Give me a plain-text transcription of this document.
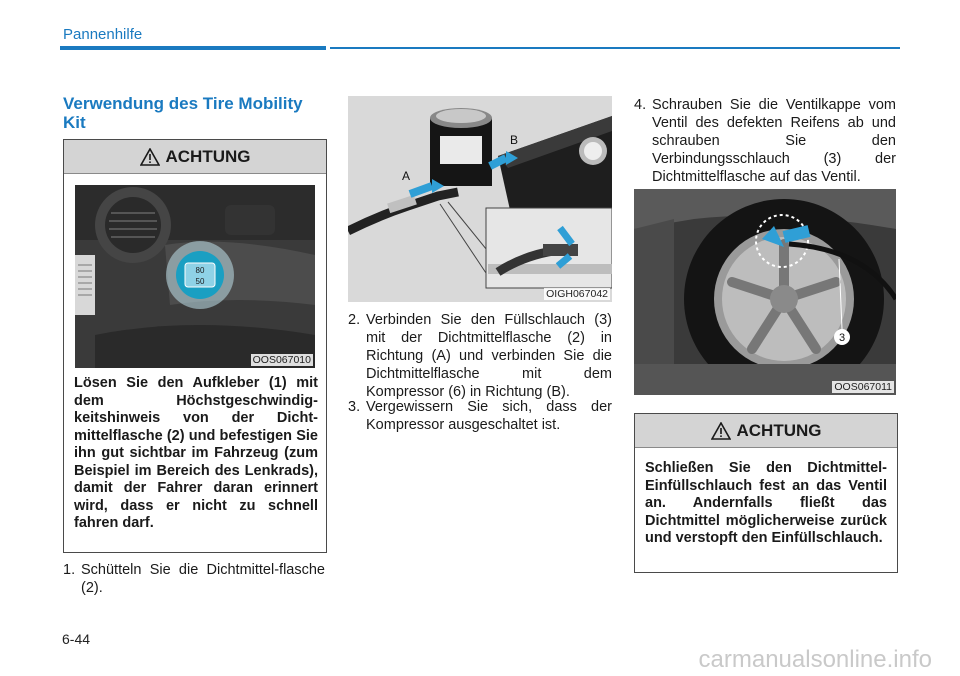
Pannenhilfe
Verwendung des Tire Mobility Kit
ACHTUNG
80
50
OOS067010
Lösen Sie den Aufkleber (1) mit dem Höchstgeschwindig-keitshinweis von der Dicht-mittelflasche (2) und befestigen Sie ihn gut sichtbar im Fahrzeug (zum Beispiel im Bereich des Lenkrads), damit der Fahrer daran erinnert wird, dass er nicht zu schnell fahren darf.
1. Schütteln Sie die Dichtmittel-flasche (2).
A
B
OIGH067042
2. Verbinden Sie den Füllschlauch (3) mit der Dichtmittelflasche (2) in Richtung (A) und verbinden Sie die Dichtmittelflasche mit dem Kompressor (6) in Richtung (B).
3. Vergewissern Sie sich, dass der Kompressor ausgeschaltet ist.
4. Schrauben Sie die Ventilkappe vom Ventil des defekten Reifens ab und schrauben Sie den Verbindungsschlauch (3) der Dichtmittelflasche auf das Ventil.
3
OOS067011
ACHTUNG
Schließen Sie den Dichtmittel-Einfüllschlauch fest an das Ventil an. Andernfalls fließt das Dichtmittel möglicherweise zurück und verstopft den Einfüllschlauch.
6-44
carmanualsonline.info
